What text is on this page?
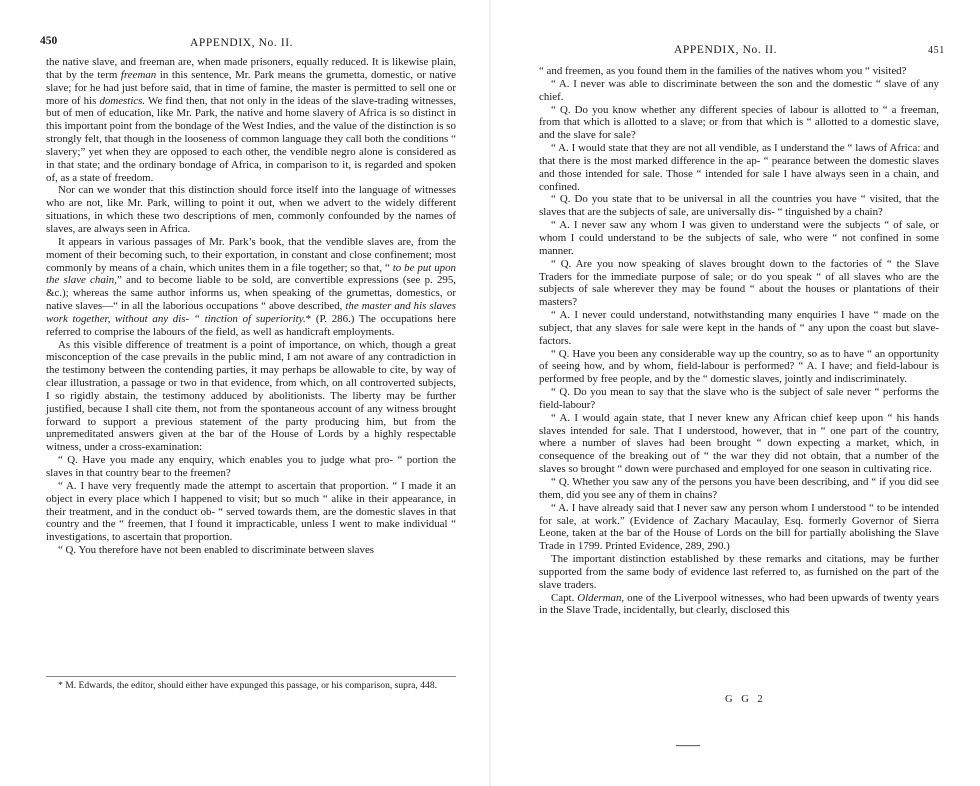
450	APPENDIX, No. II.

the native slave, and freeman are, when made prisoners, equally reduced. It is likewise plain, that by the term freeman in this sentence, Mr. Park means the grumetta, domestic, or native slave; for he had just before said, that in time of famine, the master is permitted to sell one or more of his domestics. We find then, that not only in the ideas of the slave-trading witnesses, but of men of education, like Mr. Park, the native and home slavery of Africa is so distinct in this important point from the bondage of the West Indies, and the value of the distinction is so strongly felt, that though in the looseness of common language they call both the conditions “ slavery;” yet when they are opposed to each other, the vendible negro alone is considered as in that state; and the ordinary bondage of Africa, in comparison to it, is regarded and spoken of, as a state of freedom.

Nor can we wonder that this distinction should force itself into the language of witnesses who are not, like Mr. Park, willing to point it out, when we advert to the widely different situations, in which these two descriptions of men, commonly confounded by the names of slaves, are always seen in Africa.

It appears in various passages of Mr. Park’s book, that the vendible slaves are, from the moment of their becoming such, to their exportation, in constant and close confinement; most commonly by means of a chain, which unites them in a file together; so that, “ to be put upon the slave chain,” and to become liable to be sold, are convertible expressions (see p. 295, &c.); whereas the same author informs us, when speaking of the grumettas, domestics, or native slaves—“ in all the laborious occupations “ above described, the master and his slaves work together, without any dis- “ tinction of superiority.* (P. 286.) The occupations here referred to comprise the labours of the field, as well as handicraft employments.

As this visible difference of treatment is a point of importance, on which, though a great misconception of the case prevails in the public mind, I am not aware of any contradiction in the testimony between the contending parties, it may perhaps be allowable to cite, by way of clear illustration, a passage or two in that evidence, from which, on all controverted subjects, I so rigidly abstain, the testimony adduced by abolitionists. The liberty may be further justified, because I shall cite them, not from the spontaneous account of any witness brought forward to support a previous statement of the party producing him, but from the unpremeditated answers given at the bar of the House of Lords by a highly respectable witness, under a cross-examination:

“ Q. Have you made any enquiry, which enables you to judge what pro- “ portion the slaves in that country bear to the freemen?

“ A. I have very frequently made the attempt to ascertain that proportion. “ I made it an object in every place which I happened to visit; but so much “ alike in their appearance, in their treatment, and in the conduct ob- “ served towards them, are the domestic slaves in that country and the “ freemen, that I found it impracticable, unless I went to make individual “ investigations, to ascertain that proportion.

“ Q. You therefore have not been enabled to discriminate between slaves

* M. Edwards, the editor, should either have expunged this passage, or his comparison, supra, 448.
APPENDIX, No. II.	451

“ and freemen, as you found them in the families of the natives whom you “ visited?

“ A. I never was able to discriminate between the son and the domestic “ slave of any chief.

“ Q. Do you know whether any different species of labour is allotted to “ a freeman, from that which is allotted to a slave; or from that which is “ allotted to a domestic slave, and the slave for sale?

“ A. I would state that they are not all vendible, as I understand the “ laws of Africa: and that there is the most marked difference in the ap- “ pearance between the domestic slaves and those intended for sale. Those “ intended for sale I have always seen in a chain, and confined.

“ Q. Do you state that to be universal in all the countries you have “ visited, that the slaves that are the subjects of sale, are universally dis- “ tinguished by a chain?

“ A. I never saw any whom I was given to understand were the subjects “ of sale, or whom I could understand to be the subjects of sale, who were “ not confined in some manner.

“ Q. Are you now speaking of slaves brought down to the factories of “ the Slave Traders for the immediate purpose of sale; or do you speak “ of all slaves who are the subjects of sale wherever they may be found “ about the houses or plantations of their masters?

“ A. I never could understand, notwithstanding many enquiries I have “ made on the subject, that any slaves for sale were kept in the hands of “ any upon the coast but slave-factors.

“ Q. Have you been any considerable way up the country, so as to have “ an opportunity of seeing how, and by whom, field-labour is performed? “ A. I have; and field-labour is performed by free people, and by the “ domestic slaves, jointly and indiscriminately.

“ Q. Do you mean to say that the slave who is the subject of sale never “ performs the field-labour?

“ A. I would again state, that I never knew any African chief keep upon “ his hands slaves intended for sale. That I understood, however, that in “ one part of the country, where a number of slaves had been brought “ down expecting a market, which, in consequence of the breaking out of “ the war they did not obtain, that a number of the slaves so brought “ down were purchased and employed for one season in cultivating rice.

“ Q. Whether you saw any of the persons you have been describing, and “ if you did see them, did you see any of them in chains?

“ A. I have already said that I never saw any person whom I understood “ to be intended for sale, at work.” (Evidence of Zachary Macaulay, Esq. formerly Governor of Sierra Leone, taken at the bar of the House of Lords on the bill for partially abolishing the Slave Trade in 1799. Printed Evidence, 289, 290.)

The important distinction established by these remarks and citations, may be further supported from the same body of evidence last referred to, as furnished on the part of the slave traders.

Capt. Olderman, one of the Liverpool witnesses, who had been upwards of twenty years in the Slave Trade, incidentally, but clearly, disclosed this

G G 2
